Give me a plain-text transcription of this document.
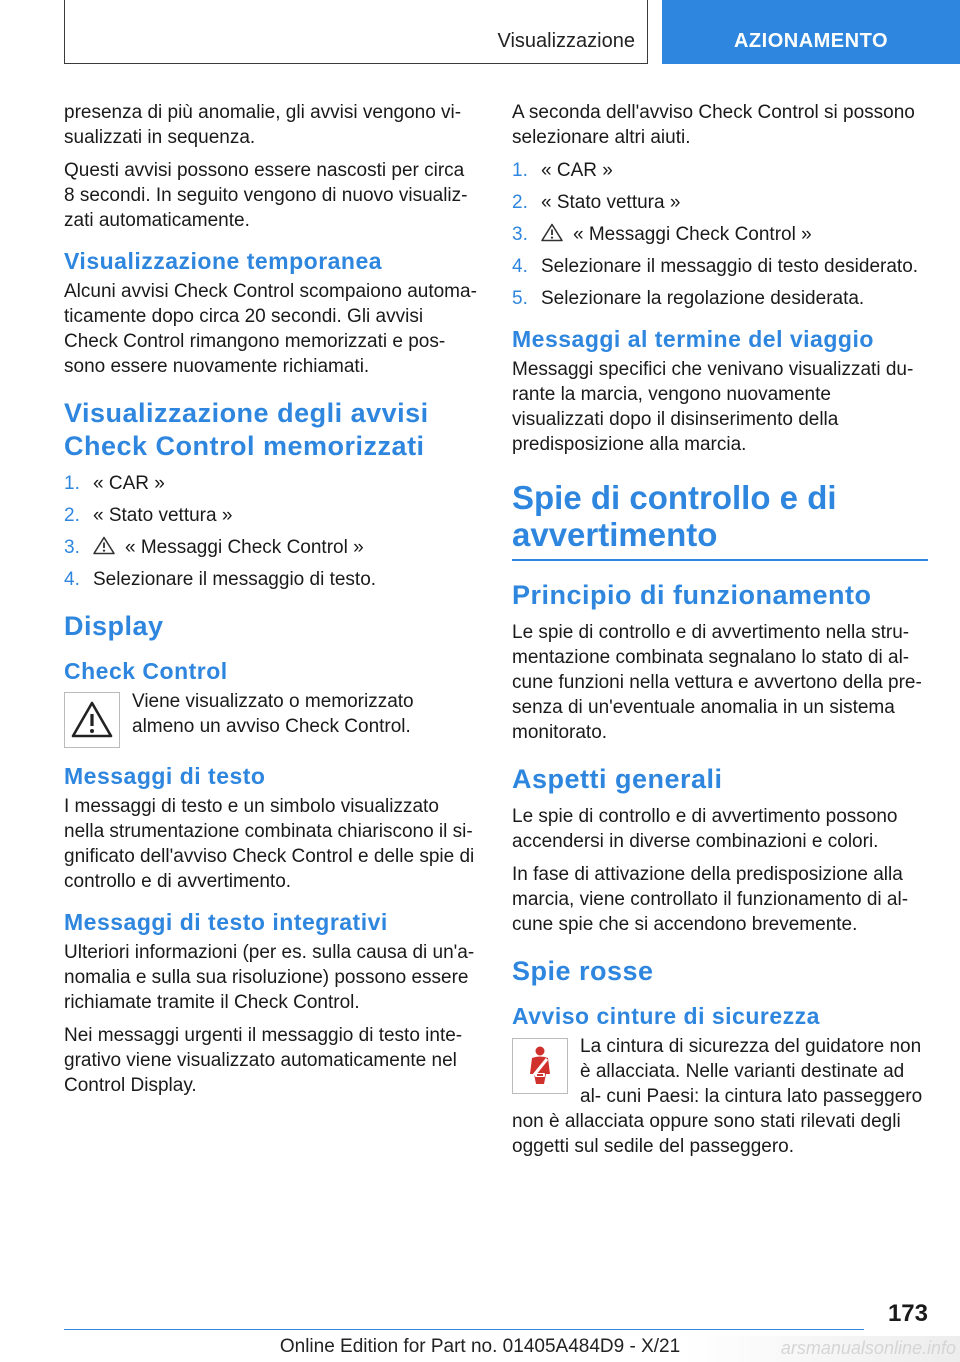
Visualizzazione	AZIONAMENTO

presenza di più anomalie, gli avvisi vengono vi- sualizzati in sequenza.

Questi avvisi possono essere nascosti per circa 8 secondi. In seguito vengono di nuovo visualiz- zati automaticamente.

Visualizzazione temporanea

Alcuni avvisi Check Control scompaiono automa- ticamente dopo circa 20 secondi. Gli avvisi Check Control rimangono memorizzati e pos- sono essere nuovamente richiamati.

Visualizzazione degli avvisi Check Control memorizzati
1. « CAR »
2. « Stato vettura »
3. « Messaggi Check Control »
4. Selezionare il messaggio di testo.
Display
Check Control

Viene visualizzato o memorizzato almeno un avviso Check Control.

Messaggi di testo

I messaggi di testo e un simbolo visualizzato nella strumentazione combinata chiariscono il si- gnificato dell'avviso Check Control e delle spie di controllo e di avvertimento.

Messaggi di testo integrativi

Ulteriori informazioni (per es. sulla causa di un'a- nomalia e sulla sua risoluzione) possono essere richiamate tramite il Check Control.

Nei messaggi urgenti il messaggio di testo inte- grativo viene visualizzato automaticamente nel Control Display.

A seconda dell'avviso Check Control si possono selezionare altri aiuti.

1. « CAR »
2. « Stato vettura »
3. « Messaggi Check Control »
4. Selezionare il messaggio di testo desiderato.
5. Selezionare la regolazione desiderata.
Messaggi al termine del viaggio

Messaggi specifici che venivano visualizzati du- rante la marcia, vengono nuovamente visualizzati dopo il disinserimento della predisposizione alla marcia.

Spie di controllo e di avvertimento
Principio di funzionamento

Le spie di controllo e di avvertimento nella stru- mentazione combinata segnalano lo stato di al- cune funzioni nella vettura e avvertono della pre- senza di un'eventuale anomalia in un sistema monitorato.

Aspetti generali

Le spie di controllo e di avvertimento possono accendersi in diverse combinazioni e colori.

In fase di attivazione della predisposizione alla marcia, viene controllato il funzionamento di al- cune spie che si accendono brevemente.

Spie rosse
Avviso cinture di sicurezza

La cintura di sicurezza del guidatore non è allacciata. Nelle varianti destinate ad al- cuni Paesi: la cintura lato passeggero non è allacciata oppure sono stati rilevati degli oggetti sul sedile del passeggero.

173
Online Edition for Part no. 01405A484D9 - X/21	arsmanualsonline.info
